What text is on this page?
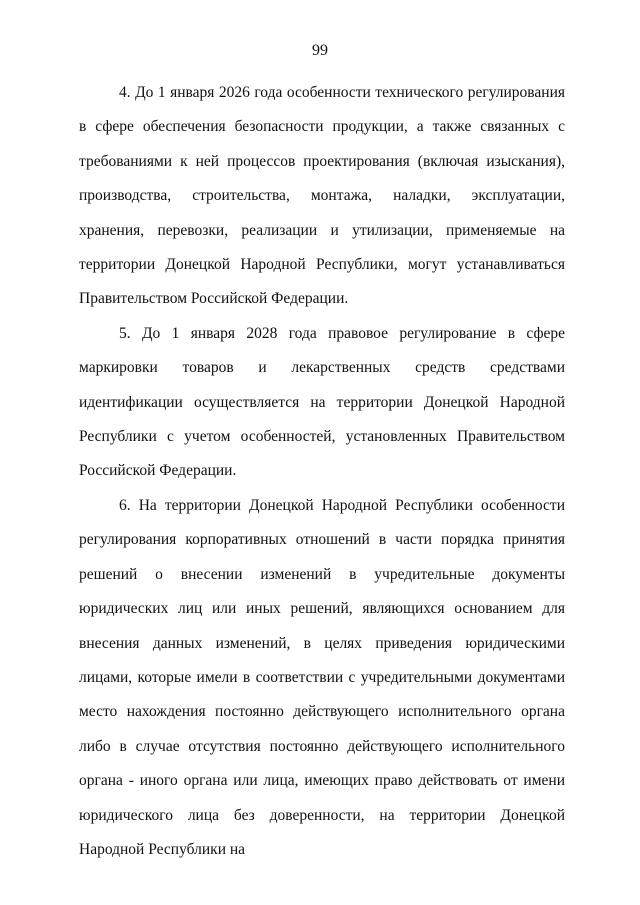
99

4. До 1 января 2026 года особенности технического регулирования в сфере обеспечения безопасности продукции, а также связанных с требованиями к ней процессов проектирования (включая изыскания), производства, строительства, монтажа, наладки, эксплуатации, хранения, перевозки, реализации и утилизации, применяемые на территории Донецкой Народной Республики, могут устанавливаться Правительством Российской Федерации.

5. До 1 января 2028 года правовое регулирование в сфере маркировки товаров и лекарственных средств средствами идентификации осуществляется на территории Донецкой Народной Республики с учетом особенностей, установленных Правительством Российской Федерации.

6. На территории Донецкой Народной Республики особенности регулирования корпоративных отношений в части порядка принятия решений о внесении изменений в учредительные документы юридических лиц или иных решений, являющихся основанием для внесения данных изменений, в целях приведения юридическими лицами, которые имели в соответствии с учредительными документами место нахождения постоянно действующего исполнительного органа либо в случае отсутствия постоянно действующего исполнительного органа - иного органа или лица, имеющих право действовать от имени юридического лица без доверенности, на территории Донецкой Народной Республики на
